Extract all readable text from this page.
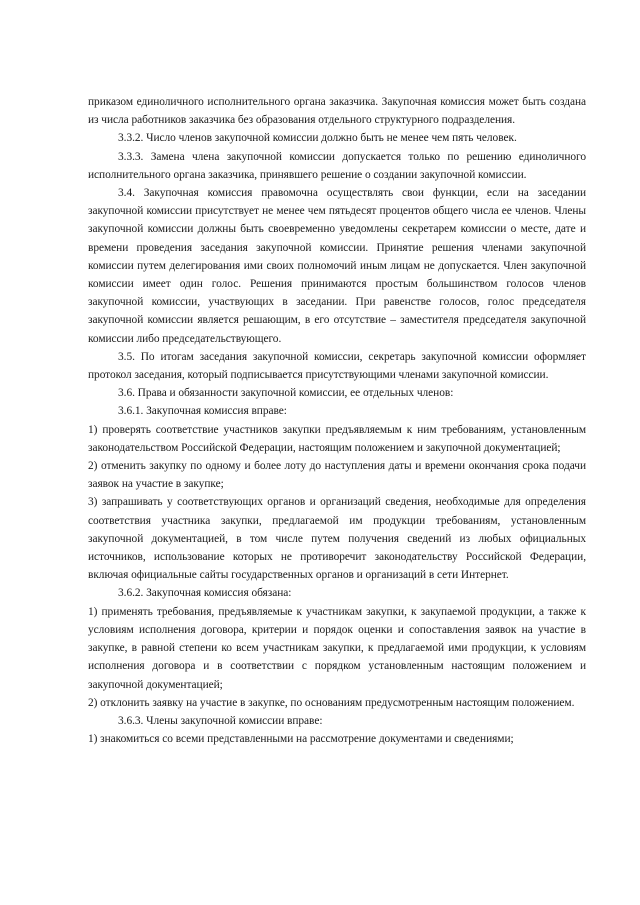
приказом единоличного исполнительного органа заказчика. Закупочная комиссия может быть создана из числа работников заказчика без образования отдельного структурного подразделения.

3.3.2. Число членов закупочной комиссии должно быть не менее чем пять человек.

3.3.3. Замена члена закупочной комиссии допускается только по решению единоличного исполнительного органа заказчика, принявшего решение о создании закупочной комиссии.

3.4. Закупочная комиссия правомочна осуществлять свои функции, если на заседании закупочной комиссии присутствует не менее чем пятьдесят процентов общего числа ее членов. Члены закупочной комиссии должны быть своевременно уведомлены секретарем комиссии о месте, дате и времени проведения заседания закупочной комиссии. Принятие решения членами закупочной комиссии путем делегирования ими своих полномочий иным лицам не допускается. Член закупочной комиссии имеет один голос. Решения принимаются простым большинством голосов членов закупочной комиссии, участвующих в заседании. При равенстве голосов, голос председателя закупочной комиссии является решающим, в его отсутствие – заместителя председателя закупочной комиссии либо председательствующего.

3.5. По итогам заседания закупочной комиссии, секретарь закупочной комиссии оформляет протокол заседания, который подписывается присутствующими членами закупочной комиссии.

3.6. Права и обязанности закупочной комиссии, ее отдельных членов:

3.6.1. Закупочная комиссия вправе:

1) проверять соответствие участников закупки предъявляемым к ним требованиям, установленным законодательством Российской Федерации, настоящим положением и закупочной документацией;

2) отменить закупку по одному и более лоту до наступления даты и времени окончания срока подачи заявок на участие в закупке;

3) запрашивать у соответствующих органов и организаций сведения, необходимые для определения соответствия участника закупки, предлагаемой им продукции требованиям, установленным закупочной документацией, в том числе путем получения сведений из любых официальных источников, использование которых не противоречит законодательству Российской Федерации, включая официальные сайты государственных органов и организаций в сети Интернет.

3.6.2. Закупочная комиссия обязана:

1) применять требования, предъявляемые к участникам закупки, к закупаемой продукции, а также к условиям исполнения договора, критерии и порядок оценки и сопоставления заявок на участие в закупке, в равной степени ко всем участникам закупки, к предлагаемой ими продукции, к условиям исполнения договора и в соответствии с порядком установленным настоящим положением и закупочной документацией;

2) отклонить заявку на участие в закупке, по основаниям предусмотренным настоящим положением.

3.6.3. Члены закупочной комиссии вправе:

1) знакомиться со всеми представленными на рассмотрение документами и сведениями;
